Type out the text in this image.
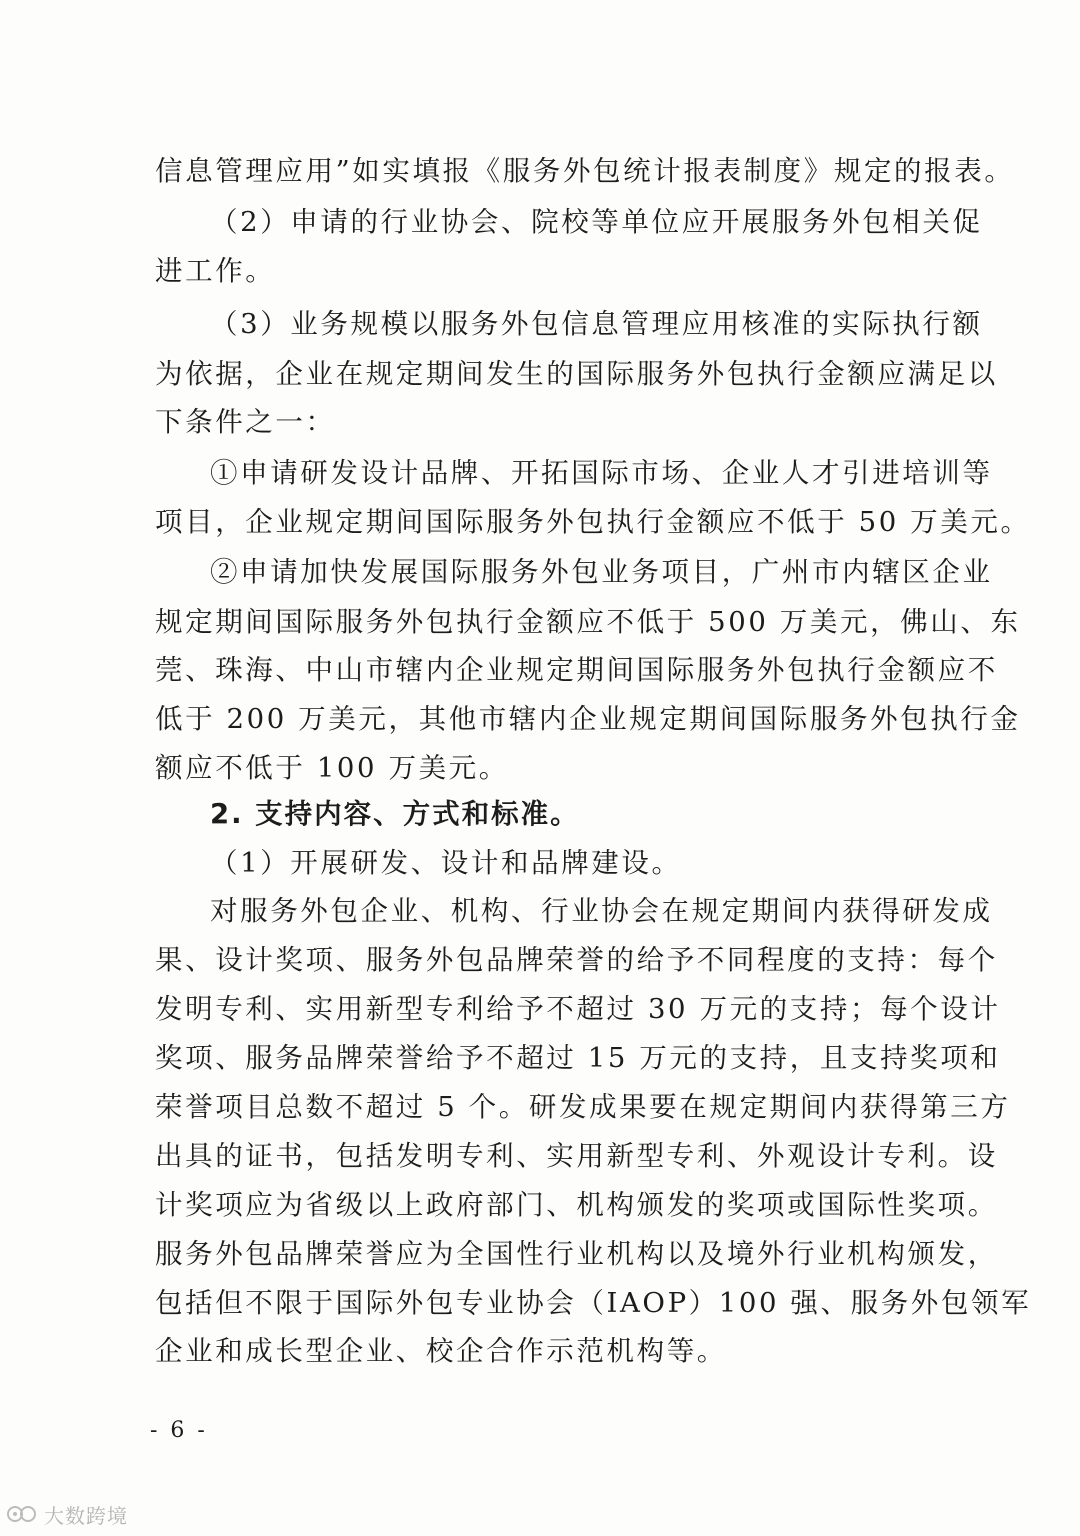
信息管理应用”如实填报《服务外包统计报表制度》规定的报表。
（2）申请的行业协会、院校等单位应开展服务外包相关促
进工作。
（3）业务规模以服务外包信息管理应用核准的实际执行额
为依据，企业在规定期间发生的国际服务外包执行金额应满足以
下条件之一：
①申请研发设计品牌、开拓国际市场、企业人才引进培训等
项目，企业规定期间国际服务外包执行金额应不低于 50 万美元。
②申请加快发展国际服务外包业务项目，广州市内辖区企业
规定期间国际服务外包执行金额应不低于 500 万美元，佛山、东
莞、珠海、中山市辖内企业规定期间国际服务外包执行金额应不
低于 200 万美元，其他市辖内企业规定期间国际服务外包执行金
额应不低于 100 万美元。
2. 支持内容、方式和标准。
（1）开展研发、设计和品牌建设。
对服务外包企业、机构、行业协会在规定期间内获得研发成
果、设计奖项、服务外包品牌荣誉的给予不同程度的支持：每个
发明专利、实用新型专利给予不超过 30 万元的支持；每个设计
奖项、服务品牌荣誉给予不超过 15 万元的支持，且支持奖项和
荣誉项目总数不超过 5 个。研发成果要在规定期间内获得第三方
出具的证书，包括发明专利、实用新型专利、外观设计专利。设
计奖项应为省级以上政府部门、机构颁发的奖项或国际性奖项。
服务外包品牌荣誉应为全国性行业机构以及境外行业机构颁发，
包括但不限于国际外包专业协会（IAOP）100 强、服务外包领军
企业和成长型企业、校企合作示范机构等。
- 6 -
大数跨境
